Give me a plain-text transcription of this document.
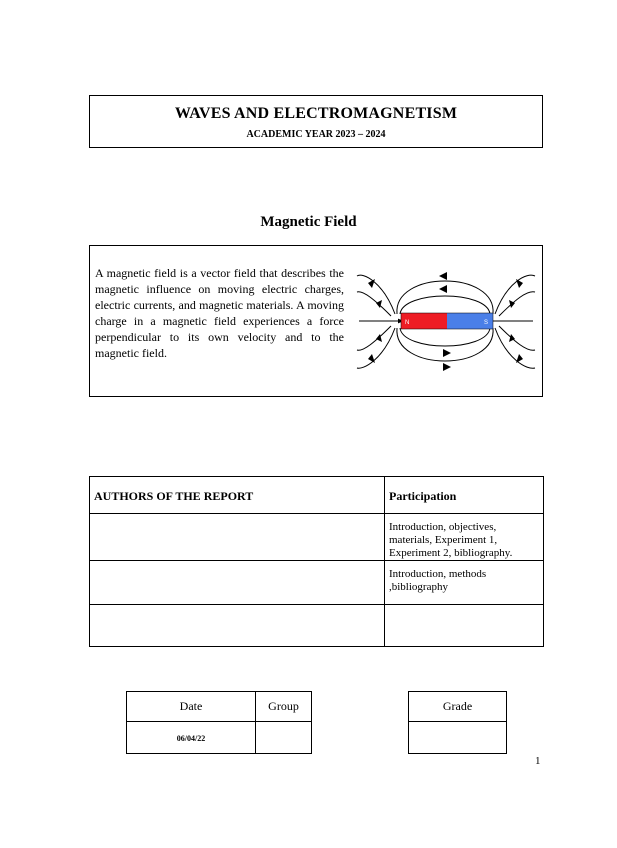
WAVES AND ELECTROMAGNETISM
ACADEMIC YEAR 2023 – 2024
Magnetic Field
A magnetic field is a vector field that describes the magnetic influence on moving electric charges, electric currents, and magnetic materials. A moving charge in a magnetic field experiences a force perpendicular to its own velocity and to the magnetic field.
N	S
AUTHORS OF THE REPORT	Participation

	Introduction, objectives, materials, Experiment 1, Experiment 2, bibliography.

	Introduction, methods ,bibliography

Date	Group
06/04/22	
Grade

1
